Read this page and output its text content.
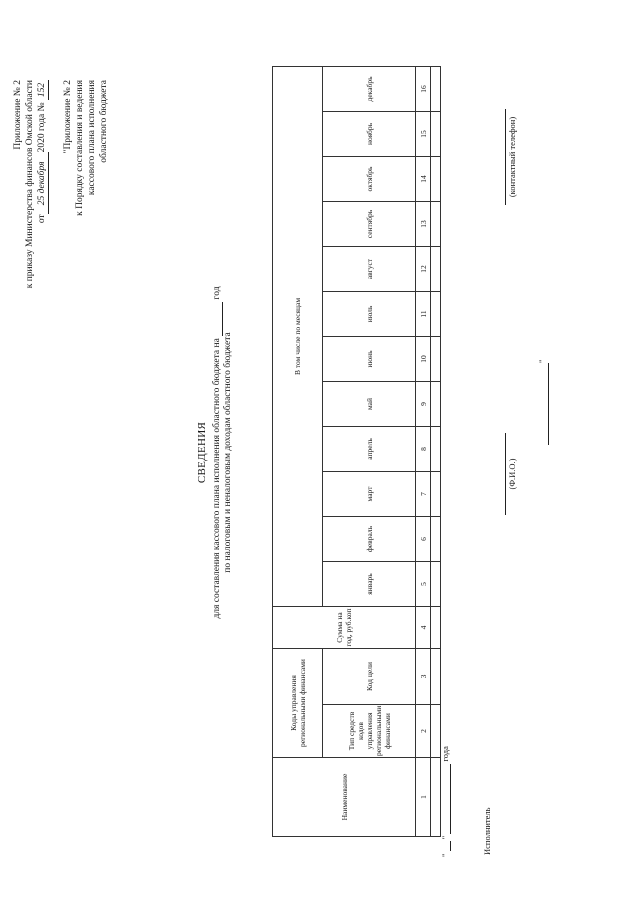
Приложение № 2 к приказу Министерства финансов Омской области от25 декабря2020 года № 152 "Приложение № 2 к Порядку составления и ведения кассового плана исполнения областного бюджета
СВЕДЕНИЯ для составления кассового плана исполнения областного бюджета на   год
по налоговым и неналоговым доходам областного бюджета
Наименование	Коды управления региональными финансами		Сумма на год, руб.коп	В том числе по месяцам											
	Тип средств кодов управления региональными финансами	Код цели		январь	февраль	март	апрель	май	июнь	июль	август	сентябрь	октябрь	ноябрь	декабрь
1	2	3	4	5	6	7	8	9	10	11	12	13	14	15	16

"   "   года
Исполнитель
(Ф.И.О.)
(контактный телефон)
"
